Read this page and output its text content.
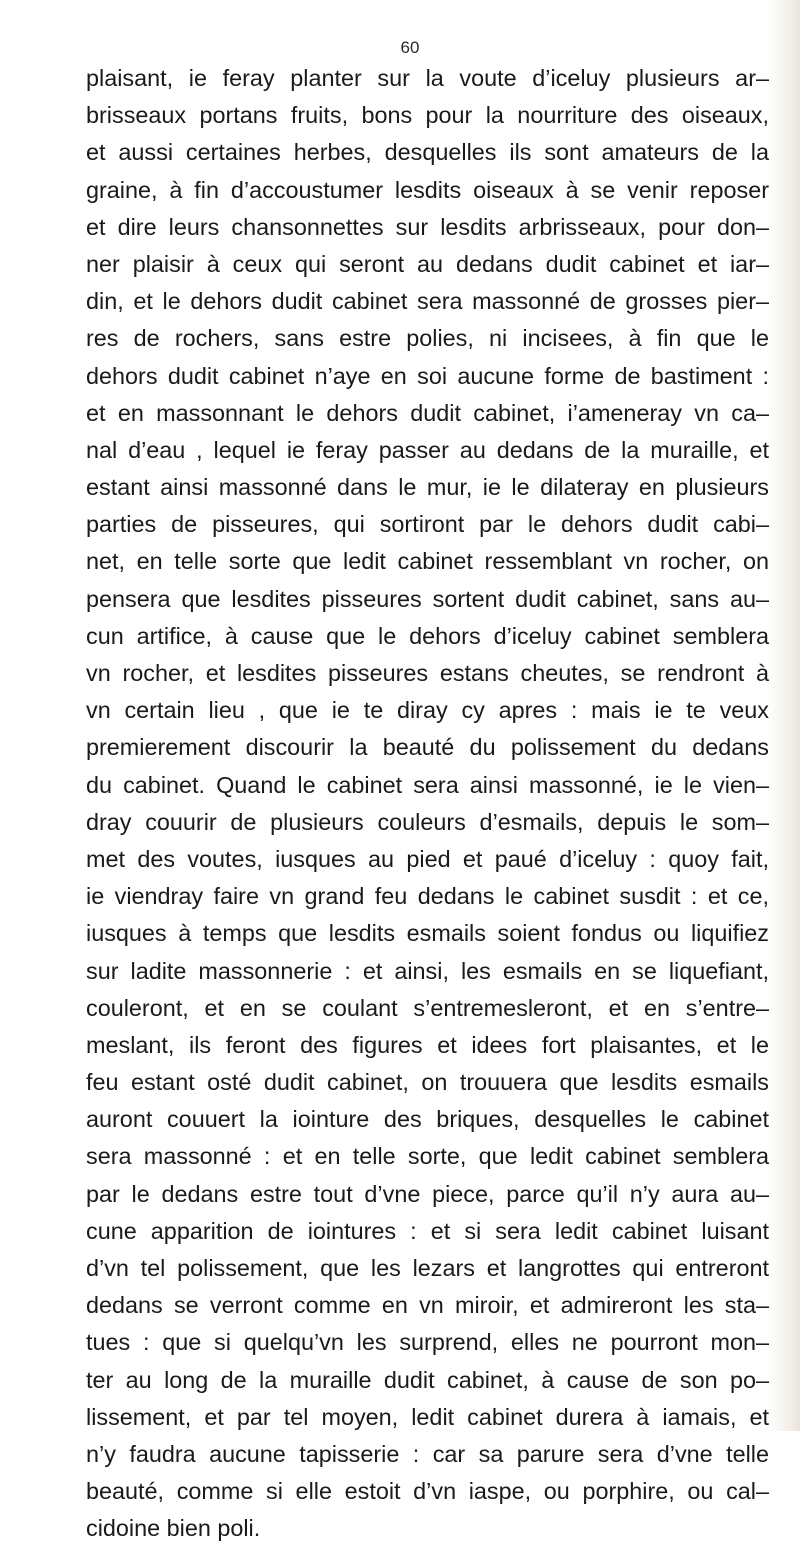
60
plaisant, ie feray planter sur la voute d’iceluy plusieurs ar–
brisseaux portans fruits, bons pour la nourriture des oiseaux,
et aussi certaines herbes, desquelles ils sont amateurs de la
graine, à fin d’accoustumer lesdits oiseaux à se venir reposer
et dire leurs chansonnettes sur lesdits arbrisseaux, pour don–
ner plaisir à ceux qui seront au dedans dudit cabinet et iar–
din, et le dehors dudit cabinet sera massonné de grosses pier–
res de rochers, sans estre polies, ni incisees, à fin que le
dehors dudit cabinet n’aye en soi aucune forme de bastiment :
et en massonnant le dehors dudit cabinet, i’ameneray vn ca–
nal d’eau , lequel ie feray passer au dedans de la muraille, et
estant ainsi massonné dans le mur, ie le dilateray en plusieurs
parties de pisseures, qui sortiront par le dehors dudit cabi–
net, en telle sorte que ledit cabinet ressemblant vn rocher, on
pensera que lesdites pisseures sortent dudit cabinet, sans au–
cun artifice, à cause que le dehors d’iceluy cabinet semblera
vn rocher, et lesdites pisseures estans cheutes, se rendront à
vn certain lieu , que ie te diray cy apres : mais ie te veux
premierement discourir la beauté du polissement du dedans
du cabinet. Quand le cabinet sera ainsi massonné, ie le vien–
dray couurir de plusieurs couleurs d’esmails, depuis le som–
met des voutes, iusques au pied et paué d’iceluy : quoy fait,
ie viendray faire vn grand feu dedans le cabinet susdit : et ce,
iusques à temps que lesdits esmails soient fondus ou liquifiez
sur ladite massonnerie : et ainsi, les esmails en se liquefiant,
couleront, et en se coulant s’entremesleront, et en s’entre–
meslant, ils feront des figures et idees fort plaisantes, et le
feu estant osté dudit cabinet, on trouuera que lesdits esmails
auront couuert la iointure des briques, desquelles le cabinet
sera massonné : et en telle sorte, que ledit cabinet semblera
par le dedans estre tout d’vne piece, parce qu’il n’y aura au–
cune apparition de iointures : et si sera ledit cabinet luisant
d’vn tel polissement, que les lezars et langrottes qui entreront
dedans se verront comme en vn miroir, et admireront les sta–
tues : que si quelqu’vn les surprend, elles ne pourront mon–
ter au long de la muraille dudit cabinet, à cause de son po–
lissement, et par tel moyen, ledit cabinet durera à iamais, et
n’y faudra aucune tapisserie : car sa parure sera d’vne telle
beauté, comme si elle estoit d’vn iaspe, ou porphire, ou cal–
cidoine bien poli.
